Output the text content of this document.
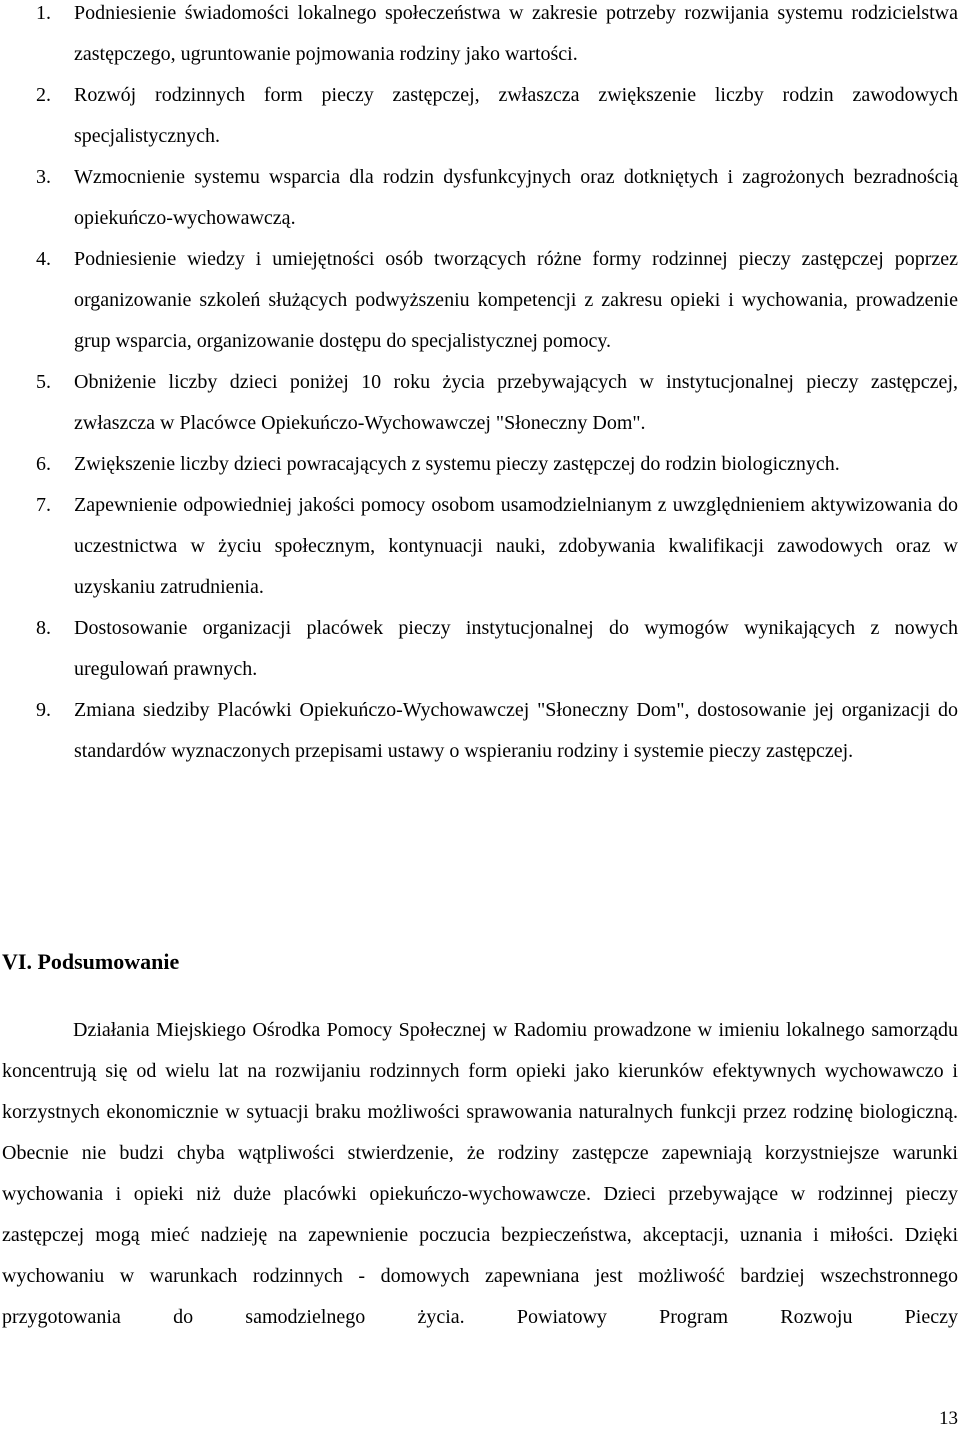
1. Podniesienie świadomości lokalnego społeczeństwa w zakresie potrzeby rozwijania systemu rodzicielstwa zastępczego, ugruntowanie pojmowania rodziny jako wartości.
2. Rozwój rodzinnych form pieczy zastępczej, zwłaszcza zwiększenie liczby rodzin zawodowych specjalistycznych.
3. Wzmocnienie systemu wsparcia dla rodzin dysfunkcyjnych oraz dotkniętych i zagrożonych bezradnością opiekuńczo-wychowawczą.
4. Podniesienie wiedzy i umiejętności osób tworzących różne formy rodzinnej pieczy zastępczej poprzez organizowanie szkoleń służących podwyższeniu kompetencji z zakresu opieki i wychowania, prowadzenie grup wsparcia, organizowanie dostępu do specjalistycznej pomocy.
5. Obniżenie liczby dzieci poniżej 10 roku życia przebywających w instytucjonalnej pieczy zastępczej, zwłaszcza w Placówce Opiekuńczo-Wychowawczej "Słoneczny Dom".
6. Zwiększenie liczby dzieci powracających z systemu pieczy zastępczej do rodzin biologicznych.
7. Zapewnienie odpowiedniej jakości pomocy osobom usamodzielnianym z uwzględnieniem aktywizowania do uczestnictwa w życiu społecznym, kontynuacji nauki, zdobywania kwalifikacji zawodowych oraz w uzyskaniu zatrudnienia.
8. Dostosowanie organizacji placówek pieczy instytucjonalnej do wymogów wynikających z nowych uregulowań prawnych.
9. Zmiana siedziby Placówki Opiekuńczo-Wychowawczej "Słoneczny Dom", dostosowanie jej organizacji do standardów wyznaczonych przepisami ustawy o wspieraniu rodziny i systemie pieczy zastępczej.
VI. Podsumowanie

Działania Miejskiego Ośrodka Pomocy Społecznej w Radomiu prowadzone w imieniu lokalnego samorządu koncentrują się od wielu lat na rozwijaniu rodzinnych form opieki jako kierunków efektywnych wychowawczo i korzystnych ekonomicznie w sytuacji braku możliwości sprawowania naturalnych funkcji przez rodzinę biologiczną. Obecnie nie budzi chyba wątpliwości stwierdzenie, że rodziny zastępcze zapewniają korzystniejsze warunki wychowania i opieki niż duże placówki opiekuńczo-wychowawcze. Dzieci przebywające w rodzinnej pieczy zastępczej mogą mieć nadzieję na zapewnienie poczucia bezpieczeństwa, akceptacji, uznania i miłości. Dzięki wychowaniu w warunkach rodzinnych - domowych zapewniana jest możliwość bardziej wszechstronnego przygotowania do samodzielnego życia. Powiatowy Program Rozwoju Pieczy

13
